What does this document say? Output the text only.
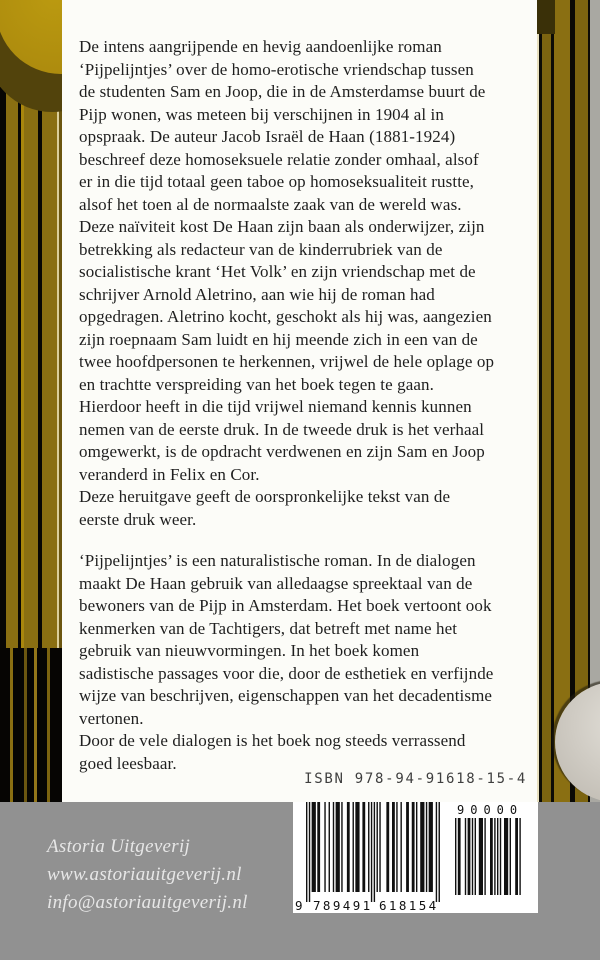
De intens aangrijpende en hevig aandoenlijke roman
‘Pijpelijntjes’ over de homo-erotische vriendschap tussen
de studenten Sam en Joop, die in de Amsterdamse buurt de
Pijp wonen, was meteen bij verschijnen in 1904 al in
opspraak. De auteur Jacob Israël de Haan (1881-1924)
beschreef deze homoseksuele relatie zonder omhaal, alsof
er in die tijd totaal geen taboe op homoseksualiteit rustte,
alsof het toen al de normaalste zaak van de wereld was.
Deze naïviteit kost De Haan zijn baan als onderwijzer, zijn
betrekking als redacteur van de kinderrubriek van de
socialistische krant ‘Het Volk’ en zijn vriendschap met de
schrijver Arnold Aletrino, aan wie hij de roman had
opgedragen. Aletrino kocht, geschokt als hij was, aangezien
zijn roepnaam Sam luidt en hij meende zich in een van de
twee hoofdpersonen te herkennen, vrijwel de hele oplage op
en trachtte verspreiding van het boek tegen te gaan.
Hierdoor heeft in die tijd vrijwel niemand kennis kunnen
nemen van de eerste druk. In de tweede druk is het verhaal
omgewerkt, is de opdracht verdwenen en zijn Sam en Joop
veranderd in Felix en Cor.
Deze heruitgave geeft de oorspronkelijke tekst van de
eerste druk weer.

‘Pijpelijntjes’ is een naturalistische roman. In de dialogen
maakt De Haan gebruik van alledaagse spreektaal van de
bewoners van de Pijp in Amsterdam. Het boek vertoont ook
kenmerken van de Tachtigers, dat betreft met name het
gebruik van nieuwvormingen. In het boek komen
sadistische passages voor die, door de esthetiek en verfijnde
wijze van beschrijven, eigenschappen van het decadentisme
vertonen.
Door de vele dialogen is het boek nog steeds verrassend
goed leesbaar.

ISBN 978-94-91618-15-4
Astoria Uitgeverij
www.astoriauitgeverij.nl
info@astoriauitgeverij.nl	9 789491 618154
90000
